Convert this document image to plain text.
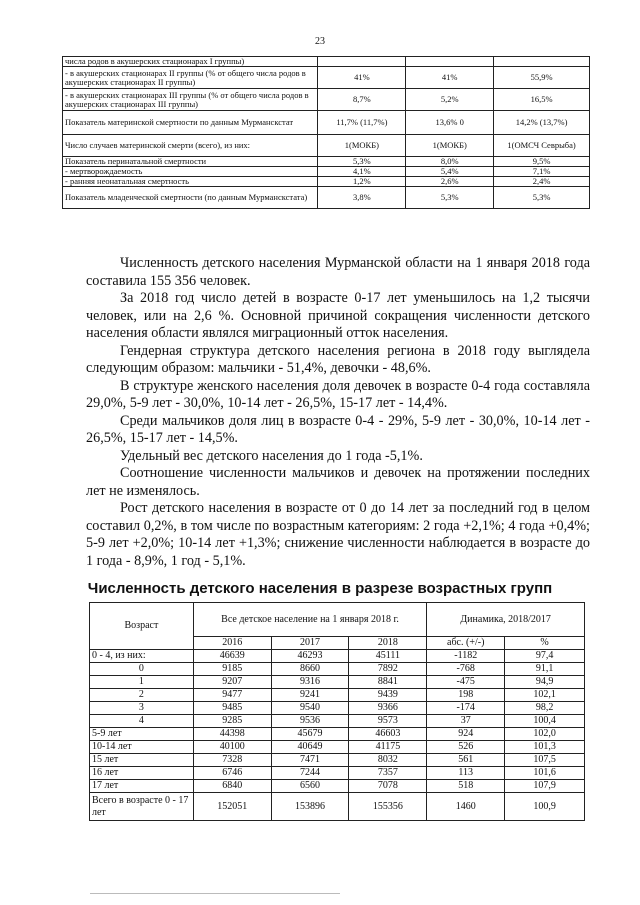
23
числа родов в акушерских стационарах I группы)			
- в акушерских стационарах II группы (% от общего числа родов в акушерских стационарах II группы)	41%	41%	55,9%
- в акушерских стационарах III группы (% от общего числа родов в акушерских стационарах III группы)	8,7%	5,2%	16,5%
Показатель материнской смертности по данным Мурманскстат	11,7% (11,7%)	13,6% 0	14,2% (13,7%)
Число случаев материнской смерти (всего), из них:	1(МОКБ)	1(МОКБ)	1(ОМСЧ Севрыба)
Показатель перинатальной смертности	5,3%	8,0%	9,5%
- мертворождаемость	4,1%	5,4%	7,1%
- ранняя неонатальная смертность	1,2%	2,6%	2,4%
Показатель младенческой смертности (по данным Мурманскстата)	3,8%	5,3%	5,3%

Численность детского населения Мурманской области на 1 января 2018 года составила 155 356 человек.

За 2018 год число детей в возрасте 0-17 лет уменьшилось на 1,2 тысячи человек, или на 2,6 %. Основной причиной сокращения численности детского населения области являлся миграционный отток населения.

Гендерная структура детского населения региона в 2018 году выглядела следующим образом: мальчики - 51,4%, девочки - 48,6%.

В структуре женского населения доля девочек в возрасте 0-4 года составляла 29,0%, 5-9 лет - 30,0%, 10-14 лет - 26,5%, 15-17 лет - 14,4%.

Среди мальчиков доля лиц в возрасте 0-4 - 29%, 5-9 лет - 30,0%, 10-14 лет - 26,5%, 15-17 лет - 14,5%.

Удельный вес детского населения до 1 года -5,1%.

Соотношение численности мальчиков и девочек на протяжении последних лет не изменялось.

Рост детского населения в возрасте от 0 до 14 лет за последний год в целом составил 0,2%, в том числе по возрастным категориям: 2 года +2,1%; 4 года +0,4%; 5-9 лет +2,0%; 10-14 лет +1,3%; снижение численности наблюдается в возрасте до 1 года - 8,9%, 1 год - 5,1%.

Численность детского населения в разрезе возрастных групп
Возраст	Все детское население на 1 января 2018 г.			Динамика, 2018/2017	
	2016	2017	2018	абс. (+/-)	%
0 - 4, из них:	46639	46293	45111	-1182	97,4
0	9185	8660	7892	-768	91,1
1	9207	9316	8841	-475	94,9
2	9477	9241	9439	198	102,1
3	9485	9540	9366	-174	98,2
4	9285	9536	9573	37	100,4
5-9 лет	44398	45679	46603	924	102,0
10-14 лет	40100	40649	41175	526	101,3
15 лет	7328	7471	8032	561	107,5
16 лет	6746	7244	7357	113	101,6
17 лет	6840	6560	7078	518	107,9
Всего в возрасте 0 - 17 лет	152051	153896	155356	1460	100,9
